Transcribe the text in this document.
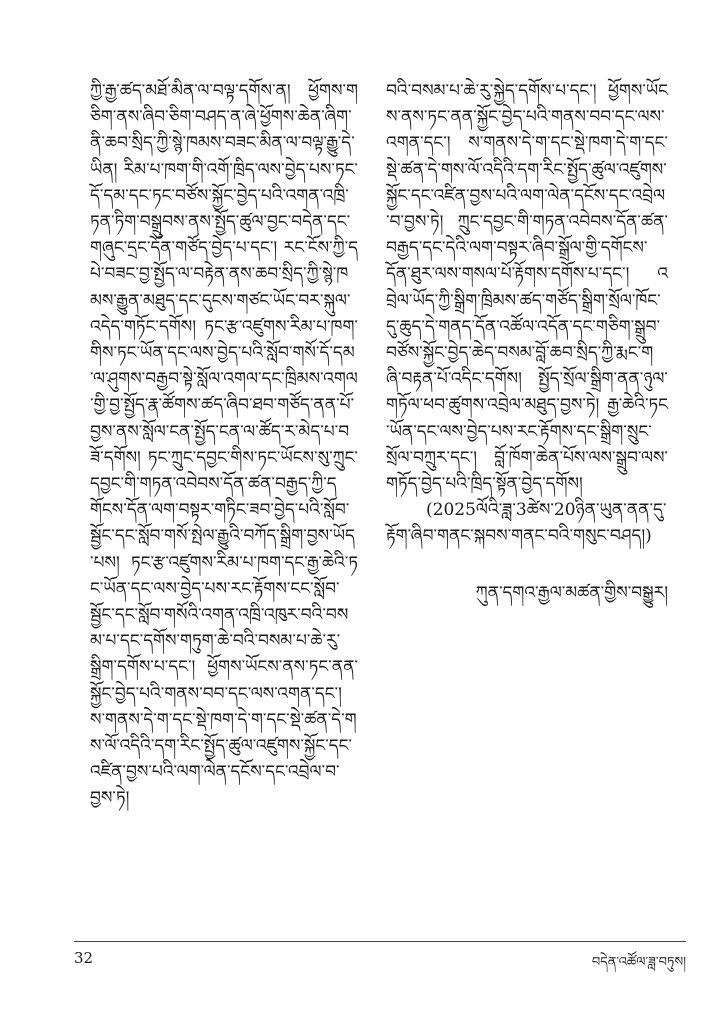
ཀྱི་རྒྱ་ཚད་མཐོ་མིན་ལ་བལྟ་དགོས་ན། ཕྱོགས་གཅིག་ནས་ཞིབ་ཅིག་བཤད་ན་ཞེ་ཕྱོགས་ཆེན་ཞིག་ནི་ཆབ་སྲིད་ཀྱི་སྙེ་ཁམས་བཟང་མིན་ལ་བལྟ་རྒྱུ་དེ་ཡིན། རིམ་པ་ཁག་གི་འགོ་ཁྲིད་ལས་བྱེད་པས་ཏང་དོ་དམ་དང་ཏང་བཙོས་སྐྱོང་བྱེད་པའི་འགན་འཁྲི་ཏན་ཏིག་བསྒྲུབས་ནས་སྤྱོད་ཚུལ་བྱང་བདེན་དང་གཞུང་དྲང་དོན་གཙོད་བྱེད་པ་དང་། རང་ངོས་ཀྱི་དཔེ་བཟང་བྱ་སྤྱོད་ལ་བརྟེན་ནས་ཆབ་སྲིད་ཀྱི་སྙེ་ཁམས་རྒྱུན་མཐུད་དང་དུངས་གཙང་ཡོང་བར་སྐུལ་འདེད་གཏོང་དགོས། ཏང་རྩ་འཛུགས་རིམ་པ་ཁག་གིས་ཏང་ཡོན་དང་ལས་བྱེད་པའི་སློབ་གསོ་དོ་དམ་ལ་ཤུགས་བརྒྱབ་སྟེ་སློལ་འགལ་དང་ཁྲིམས་འགལ་གྱི་བྱ་སྤྱོད་རྣ་ཚོགས་ཚད་ཞིབ་ཐབ་གཙོད་ནན་པོ་བྱས་ནས་སློལ་ངན་སྤྱོད་ངན་ལ་ཚོད་ར་མེད་པ་བཟོ་དགོས། ཏང་ཀྲུང་དབྱང་གིས་ཏང་ཡོངས་སུ་ཀྲུང་དབྱང་གི་གཏན་འབེབས་དོན་ཚན་བརྒྱད་ཀྱི་དགོངས་དོན་ལག་བསྟར་གཏིང་ཟབ་བྱེད་པའི་སློབ་སྦྱོང་དང་སློབ་གསོ་སྤེལ་རྒྱུའི་བཀོད་སྒྲིག་བྱས་ཡོད་པས། ཏང་རྩ་འཛུགས་རིམ་པ་ཁག་དང་རྒྱ་ཆེའི་ཏང་ཡོན་དང་ལས་བྱེད་པས་རང་རྟོགས་ངང་སློབ་སྦྱོང་དང་སློབ་གསོའི་འགན་འཁྲི་འཁུར་བའི་བསམ་པ་དང་དགོས་གཏུག་ཆེ་བའི་བསམ་པ་ཆེ་རུ་སྒྲིག་དགོས་པ་དང་། ཕྱོགས་ཡོངས་ནས་ཏང་ནན་སྐྱོང་བྱེད་པའི་གནས་བབ་དང་ལས་འགན་དང་། ས་གནས་དེ་ག་དང་སྡེ་ཁག་དེ་ག་དང་སྡེ་ཚན་དེ་གས་ལོ་འདིའི་དག་རིང་སྤྱོད་ཚུལ་འཛུགས་སྐྱོང་དང་འཛིན་བྱས་པའི་ལག་ལེན་དངོས་དང་འབྲེལ་བ་བྱས་ཏེ།

བའི་བསམ་པ་ཆེ་རུ་སྐྱེད་དགོས་པ་དང་། ཕྱོགས་ཡོངས་ནས་ཏང་ནན་སྐྱོང་བྱེད་པའི་གནས་བབ་དང་ལས་འགན་དང་། ས་གནས་དེ་ག་དང་སྡེ་ཁག་དེ་ག་དང་སྡེ་ཚན་དེ་གས་ལོ་འདིའི་དག་རིང་སྤྱོད་ཚུལ་འཛུགས་སྐྱོང་དང་འཛིན་བྱས་པའི་ལག་ལེན་དངོས་དང་འབྲེལ་བ་བྱས་ཏེ། ཀྲུང་དབྱང་གི་གཏན་འབེབས་དོན་ཚན་བརྒྱད་དང་དེའི་ལག་བསྟར་ཞིབ་སྒྲོལ་གྱི་དགོངས་དོན་ཐུར་ལས་གསལ་པོ་རྟོགས་དགོས་པ་དང་། འབྲེལ་ཡོད་ཀྱི་སྒྲིག་ཁྲིམས་ཚད་གཙོད་སྒྲིག་སྲོལ་ཁོང་དུ་ཆུད་དེ་གནད་དོན་འཚོལ་འདོན་དང་གཅིག་སྒྲུབ་བཙོས་སྐྱོང་བྱེད་ཆེད་བསམ་བློ་ཆབ་སྲིད་ཀྱི་རྨང་གཞི་བརྟན་པོ་འདིང་དགོས། སྤྱོད་སྲོལ་སྒྲིག་ནན་ཉུལ་གཏོལ་ཕབ་ཚུགས་འབྲེལ་མཐུད་བྱས་ཏེ། རྒྱ་ཆེའི་ཏང་ཡོན་དང་ལས་བྱེད་པས་རང་རྟོགས་དང་སྒྲིག་སྲུང་སྲོལ་བཀྲུར་དང་། བློ་ཁོག་ཆེན་པོས་ལས་སྒྲུབ་ལས་གཏོད་བྱེད་པའི་ཁྲིད་སྟོན་བྱེད་དགོས།

(2025ལོའི་ཟླ་3ཚེས་20ཉིན་ཡུན་ནན་དུ་རྟོག་ཞིབ་གནང་སྐབས་གནང་བའི་གསུང་བཤད།)

ཀུན་དགའ་རྒྱལ་མཚན་གྱིས་བསྒྱུར།
32	བདེན་འཚོལ་ཟླ་བཏུས།
